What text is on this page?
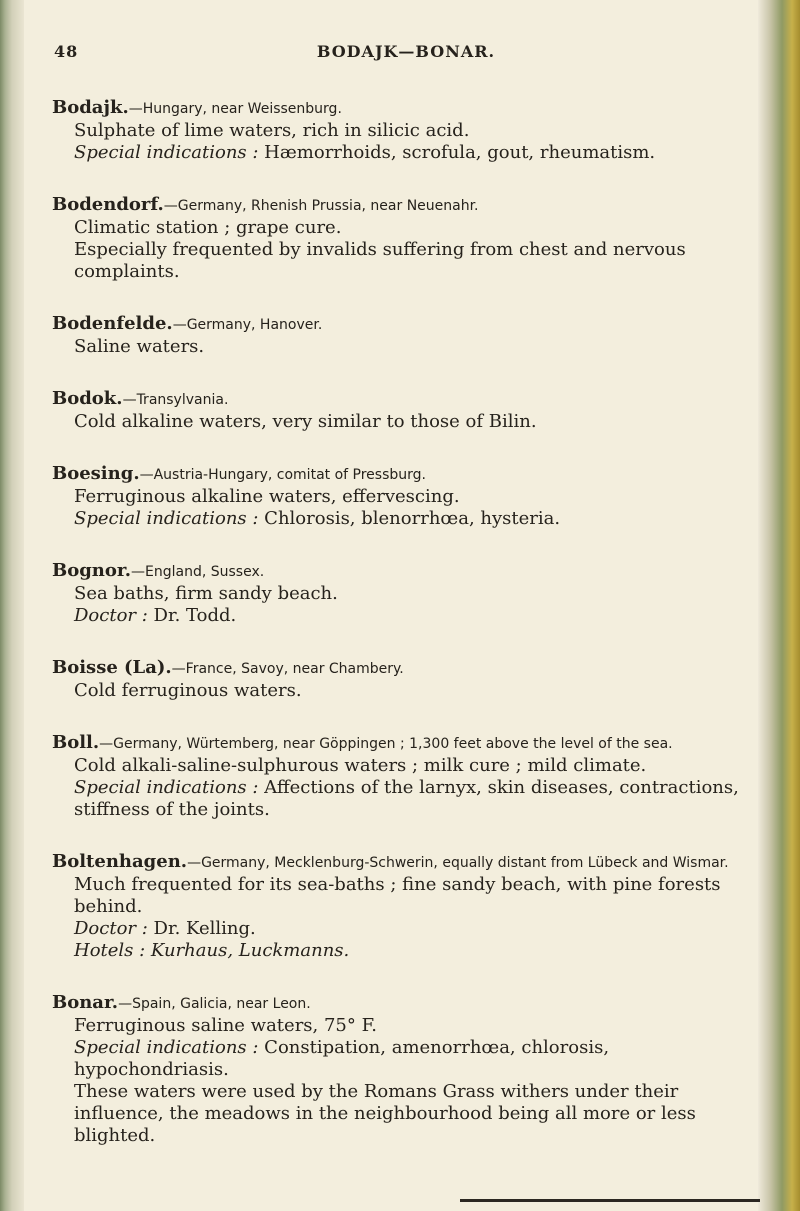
48	BODAJK—BONAR.

Bodajk.—Hungary, near Weissenburg.

Sulphate of lime waters, rich in silicic acid.

Special indications : Hæmorrhoids, scrofula, gout, rheumatism.

Bodendorf.—Germany, Rhenish Prussia, near Neuenahr.

Climatic station ; grape cure.

Especially frequented by invalids suffering from chest and nervous complaints.

Bodenfelde.—Germany, Hanover.

Saline waters.

Bodok.—Transylvania.

Cold alkaline waters, very similar to those of Bilin.

Boesing.—Austria-Hungary, comitat of Pressburg.

Ferruginous alkaline waters, effervescing.

Special indications : Chlorosis, blenorrhœa, hysteria.

Bognor.—England, Sussex.

Sea baths, firm sandy beach.

Doctor : Dr. Todd.

Boisse (La).—France, Savoy, near Chambery.

Cold ferruginous waters.

Boll.—Germany, Würtemberg, near Göppingen ; 1,300 feet above the level of the sea.

Cold alkali-saline-sulphurous waters ; milk cure ; mild climate.

Special indications : Affections of the larnyx, skin diseases, contractions, stiffness of the joints.

Boltenhagen.—Germany, Mecklenburg-Schwerin, equally distant from Lübeck and Wismar.

Much frequented for its sea-baths ; fine sandy beach, with pine forests behind.

Doctor : Dr. Kelling.

Hotels : Kurhaus, Luckmanns.

Bonar.—Spain, Galicia, near Leon.

Ferruginous saline waters, 75° F.

Special indications : Constipation, amenorrhœa, chlorosis, hypochondriasis.

These waters were used by the Romans Grass withers under their influence, the meadows in the neighbourhood being all more or less blighted.
